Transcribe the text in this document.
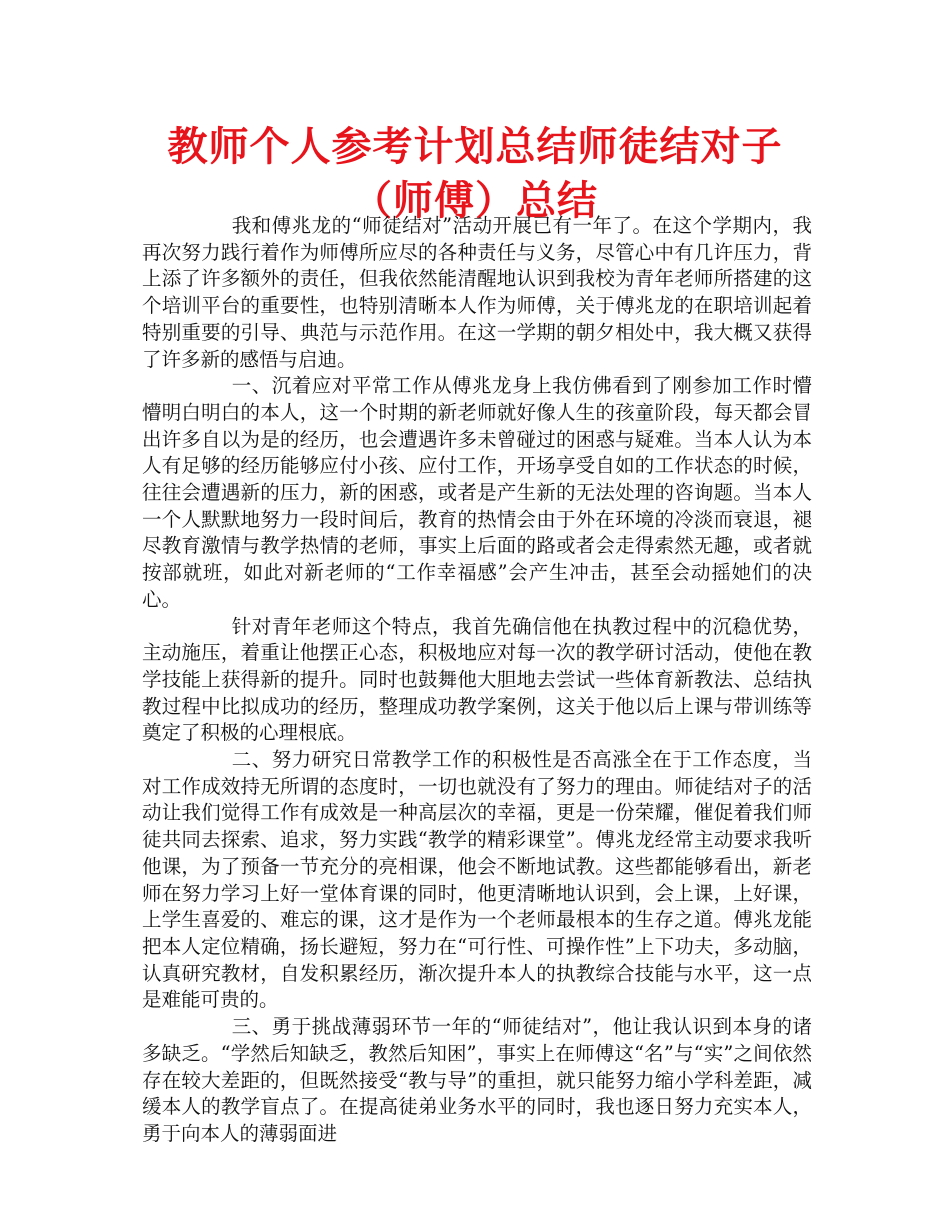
教师个人参考计划总结师徒结对子（师傅）总结

我和傅兆龙的“师徒结对”活动开展已有一年了。在这个学期内，我再次努力践行着作为师傅所应尽的各种责任与义务，尽管心中有几许压力，背上添了许多额外的责任，但我依然能清醒地认识到我校为青年老师所搭建的这个培训平台的重要性，也特别清晰本人作为师傅，关于傅兆龙的在职培训起着特别重要的引导、典范与示范作用。在这一学期的朝夕相处中，我大概又获得了许多新的感悟与启迪。

一、沉着应对平常工作从傅兆龙身上我仿佛看到了刚参加工作时懵懵明白明白的本人，这一个时期的新老师就好像人生的孩童阶段，每天都会冒出许多自以为是的经历，也会遭遇许多未曾碰过的困惑与疑难。当本人认为本人有足够的经历能够应付小孩、应付工作，开场享受自如的工作状态的时候，往往会遭遇新的压力，新的困惑，或者是产生新的无法处理的咨询题。当本人一个人默默地努力一段时间后，教育的热情会由于外在环境的冷淡而衰退，褪尽教育激情与教学热情的老师，事实上后面的路或者会走得索然无趣，或者就按部就班，如此对新老师的“工作幸福感”会产生冲击，甚至会动摇她们的决心。

针对青年老师这个特点，我首先确信他在执教过程中的沉稳优势，主动施压，着重让他摆正心态，积极地应对每一次的教学研讨活动，使他在教学技能上获得新的提升。同时也鼓舞他大胆地去尝试一些体育新教法、总结执教过程中比拟成功的经历，整理成功教学案例，这关于他以后上课与带训练等奠定了积极的心理根底。

二、努力研究日常教学工作的积极性是否高涨全在于工作态度，当对工作成效持无所谓的态度时，一切也就没有了努力的理由。师徒结对子的活动让我们觉得工作有成效是一种高层次的幸福，更是一份荣耀，催促着我们师徒共同去探索、追求，努力实践“教学的精彩课堂”。傅兆龙经常主动要求我听他课，为了预备一节充分的亮相课，他会不断地试教。这些都能够看出，新老师在努力学习上好一堂体育课的同时，他更清晰地认识到，会上课，上好课，上学生喜爱的、难忘的课，这才是作为一个老师最根本的生存之道。傅兆龙能把本人定位精确，扬长避短，努力在“可行性、可操作性”上下功夫，多动脑，认真研究教材，自发积累经历，渐次提升本人的执教综合技能与水平，这一点是难能可贵的。

三、勇于挑战薄弱环节一年的“师徒结对”，他让我认识到本身的诸多缺乏。“学然后知缺乏，教然后知困”，事实上在师傅这“名”与“实”之间依然存在较大差距的，但既然接受“教与导”的重担，就只能努力缩小学科差距，减缓本人的教学盲点了。在提高徒弟业务水平的同时，我也逐日努力充实本人，勇于向本人的薄弱面进
